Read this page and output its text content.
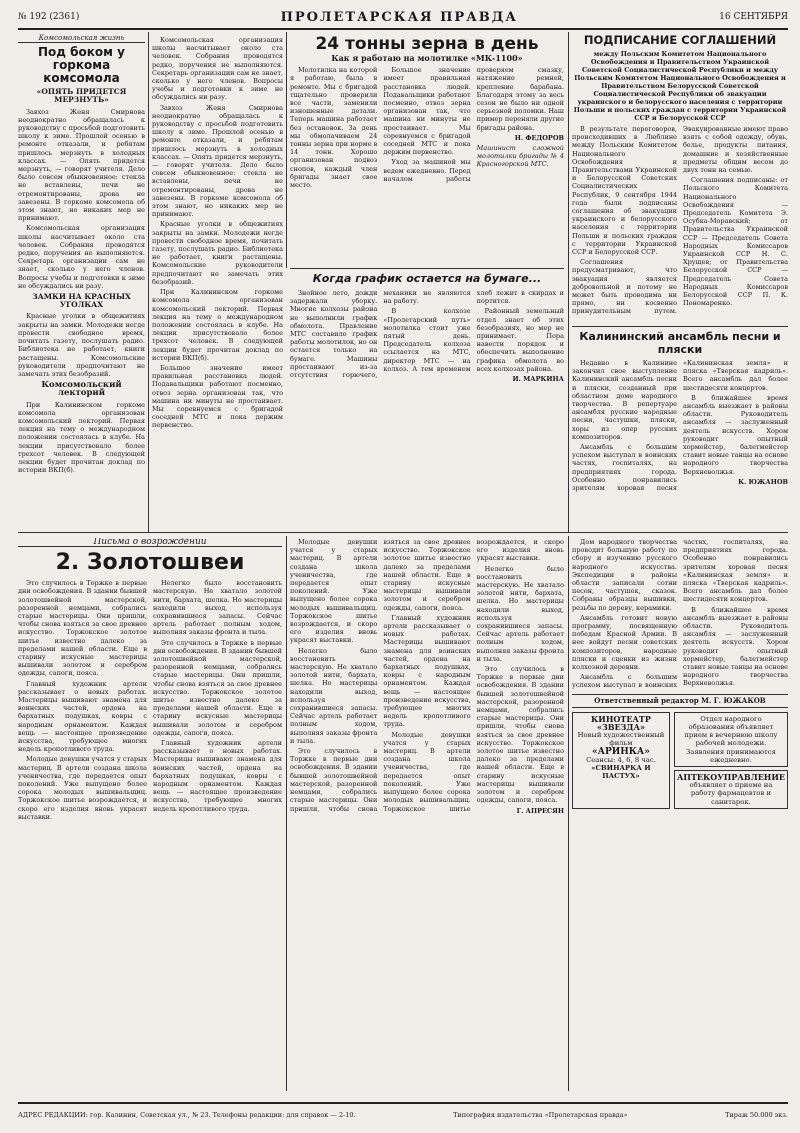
№ 192 (2361)	ПРОЛЕТАРСКАЯ ПРАВДА	16 СЕНТЯБРЯ
Комсомольская жизнь
Под боком у горкома комсомола
«ОПЯТЬ ПРИДЕТСЯ МЕРЗНУТЬ»

Завхоз Женя Смирнова неоднократно обращалась к руководству с просьбой подготовить школу к зиме. Прошлой осенью в ремонте отказали, и ребятам пришлось мерзнуть в холодных классах. — Опять придется мерзнуть, — говорят учителя. Дело было совсем обыкновенное: стекла не вставлены, печи не отремонтированы, дрова не завезены. В горкоме комсомола об этом знают, но никаких мер не принимают.

Комсомольская организация школы насчитывает около ста человек. Собрания проводятся редко, поручения не выполняются. Секретарь организации сам не знает, сколько у него членов. Вопросы учебы и подготовки к зиме не обсуждались ни разу.

ЗАМКИ НА КРАСНЫХ УГОЛКАХ

Красные уголки в общежитиях закрыты на замки. Молодежи негде провести свободное время, почитать газету, послушать радио. Библиотека не работает, книги растащены. Комсомольские руководители предпочитают не замечать этих безобразий.

Комсомольский лекторий

При Калининском горкоме комсомола организован комсомольский лекторий. Первая лекция на тему о международном положении состоялась в клубе. На лекции присутствовало более трехсот человек. В следующей лекции будет прочитан доклад по истории ВКП(б).

Комсомольская организация школы насчитывает около ста человек. Собрания проводятся редко, поручения не выполняются. Секретарь организации сам не знает, сколько у него членов. Вопросы учебы и подготовки к зиме не обсуждались ни разу.

Завхоз Женя Смирнова неоднократно обращалась к руководству с просьбой подготовить школу к зиме. Прошлой осенью в ремонте отказали, и ребятам пришлось мерзнуть в холодных классах. — Опять придется мерзнуть, — говорят учителя. Дело было совсем обыкновенное: стекла не вставлены, печи не отремонтированы, дрова не завезены. В горкоме комсомола об этом знают, но никаких мер не принимают.

Красные уголки в общежитиях закрыты на замки. Молодежи негде провести свободное время, почитать газету, послушать радио. Библиотека не работает, книги растащены. Комсомольские руководители предпочитают не замечать этих безобразий.

При Калининском горкоме комсомола организован комсомольский лекторий. Первая лекция на тему о международном положении состоялась в клубе. На лекции присутствовало более трехсот человек. В следующей лекции будет прочитан доклад по истории ВКП(б).

Большое значение имеет правильная расстановка людей. Подавальщики работают посменно, отвоз зерна организован так, что машина ни минуты не простаивает. Мы соревнуемся с бригадой соседней МТС и пока держим первенство.

24 тонны зерна в день
Как я работаю на молотилке «МК-1100»

Молотилка на которой я работаю, была в ремонте. Мы с бригадой тщательно проверили все части, заменили изношенные детали. Теперь машина работает без остановок. За день мы обмолачиваем 24 тонны зерна при норме в 14 тонн. Хорошо организован подвоз снопов, каждый член бригады знает свое место.

Большое значение имеет правильная расстановка людей. Подавальщики работают посменно, отвоз зерна организован так, что машина ни минуты не простаивает. Мы соревнуемся с бригадой соседней МТС и пока держим первенство.

Уход за машиной мы ведем ежедневно. Перед началом работы проверяем смазку, натяжение ремней, крепление барабана. Благодаря этому за весь сезон не было ни одной серьезной поломки. Наш пример переняли другие бригады района.

Н. ФЕДОРОВ

Машинист сложной молотилки бригады № 4 Красногорской МТС.

Когда график остается на бумаге...

Знойное лето, дожди задержали уборку. Многие колхозы района не выполнили график обмолота. Правление МТС составило график работы молотилок, но он остается только на бумаге. Машины простаивают из-за отсутствия горючего, механики не являются на работу.

В колхозе «Пролетарский путь» молотилка стоит уже пятый день. Председатель колхоза ссылается на МТС, директор МТС — на колхоз. А тем временем хлеб лежит в скирдах и портится.

Районный земельный отдел знает об этих безобразиях, но мер не принимает. Пора навести порядок и обеспечить выполнение графика обмолота во всех колхозах района.

И. МАРКИНА

ПОДПИСАНИЕ СОГЛАШЕНИЙ
между Польским Комитетом Национального Освобождения и Правительством Украинской Советской Социалистической Республики и между Польским Комитетом Национального Освобождения и Правительством Белорусской Советской Социалистической Республики об эвакуации украинского и белорусского населения с территории Польши и польских граждан с территории Украинской ССР и Белорусской ССР

В результате переговоров, происходивших в Люблине между Польским Комитетом Национального Освобождения и Правительствами Украинской и Белорусской Советских Социалистических Республик, 9 сентября 1944 года были подписаны соглашения об эвакуации украинского и белорусского населения с территории Польши и польских граждан с территории Украинской ССР и Белорусской ССР.

Соглашения предусматривают, что эвакуация является добровольной и потому не может быть проводима ни прямо, ни косвенно принудительным путем. Эвакуированные имеют право взять с собой одежду, обувь, белье, продукты питания, домашние и хозяйственные предметы общим весом до двух тонн на семью.

Соглашения подписаны: от Польского Комитета Национального Освобождения — Председатель Комитета Э. Осубка-Моравский; от Правительства Украинской ССР — Председатель Совета Народных Комиссаров Украинской ССР Н. С. Хрущев; от Правительства Белорусской ССР — Председатель Совета Народных Комиссаров Белорусской ССР П. К. Пономаренко.

Калининский ансамбль песни и пляски

Недавно в Калинине закончил свое выступление Калининский ансамбль песни и пляски, созданный при областном доме народного творчества. В репертуаре ансамбля русские народные песни, частушки, пляски, хоры из опер русских композиторов.

Ансамбль с большим успехом выступал в воинских частях, госпиталях, на предприятиях города. Особенно понравились зрителям хоровая песня «Калининская земля» и пляска «Тверская кадриль». Всего ансамбль дал более шестидесяти концертов.

В ближайшее время ансамбль выезжает в районы области. Руководитель ансамбля — заслуженный деятель искусств. Хором руководит опытный хормейстер, балетмейстер ставит новые танцы на основе народного творчества Верхневолжья.

К. ЮЖАНОВ

Письма о возрождении
2. Золотошвеи

Это случилось в Торжке в первые дни освобождения. В здании бывшей золотошвейной мастерской, разоренной немцами, собрались старые мастерицы. Они пришли, чтобы снова взяться за свое древнее искусство. Торжокское золотое шитье известно далеко за пределами нашей области. Еще в старину искусные мастерицы вышивали золотом и серебром одежды, сапоги, пояса.

Главный художник артели рассказывает о новых работах. Мастерицы вышивают знамена для воинских частей, ордена на бархатных подушках, ковры с народным орнаментом. Каждая вещь — настоящее произведение искусства, требующее многих недель кропотливого труда.

Молодые девушки учатся у старых мастериц. В артели создана школа ученичества, где передается опыт поколений. Уже выпущено более сорока молодых вышивальщиц. Торжокское шитье возрождается, и скоро его изделия вновь украсят выставки.

Нелегко было восстановить мастерскую. Не хватало золотой нити, бархата, шелка. Но мастерицы находили выход, используя сохранившиеся запасы. Сейчас артель работает полным ходом, выполняя заказы фронта и тыла.

Это случилось в Торжке в первые дни освобождения. В здании бывшей золотошвейной мастерской, разоренной немцами, собрались старые мастерицы. Они пришли, чтобы снова взяться за свое древнее искусство. Торжокское золотое шитье известно далеко за пределами нашей области. Еще в старину искусные мастерицы вышивали золотом и серебром одежды, сапоги, пояса.

Главный художник артели рассказывает о новых работах. Мастерицы вышивают знамена для воинских частей, ордена на бархатных подушках, ковры с народным орнаментом. Каждая вещь — настоящее произведение искусства, требующее многих недель кропотливого труда.

Молодые девушки учатся у старых мастериц. В артели создана школа ученичества, где передается опыт поколений. Уже выпущено более сорока молодых вышивальщиц. Торжокское шитье возрождается, и скоро его изделия вновь украсят выставки.

Нелегко было восстановить мастерскую. Не хватало золотой нити, бархата, шелка. Но мастерицы находили выход, используя сохранившиеся запасы. Сейчас артель работает полным ходом, выполняя заказы фронта и тыла.

Это случилось в Торжке в первые дни освобождения. В здании бывшей золотошвейной мастерской, разоренной немцами, собрались старые мастерицы. Они пришли, чтобы снова взяться за свое древнее искусство. Торжокское золотое шитье известно далеко за пределами нашей области. Еще в старину искусные мастерицы вышивали золотом и серебром одежды, сапоги, пояса.

Главный художник артели рассказывает о новых работах. Мастерицы вышивают знамена для воинских частей, ордена на бархатных подушках, ковры с народным орнаментом. Каждая вещь — настоящее произведение искусства, требующее многих недель кропотливого труда.

Молодые девушки учатся у старых мастериц. В артели создана школа ученичества, где передается опыт поколений. Уже выпущено более сорока молодых вышивальщиц. Торжокское шитье возрождается, и скоро его изделия вновь украсят выставки.

Нелегко было восстановить мастерскую. Не хватало золотой нити, бархата, шелка. Но мастерицы находили выход, используя сохранившиеся запасы. Сейчас артель работает полным ходом, выполняя заказы фронта и тыла.

Это случилось в Торжке в первые дни освобождения. В здании бывшей золотошвейной мастерской, разоренной немцами, собрались старые мастерицы. Они пришли, чтобы снова взяться за свое древнее искусство. Торжокское золотое шитье известно далеко за пределами нашей области. Еще в старину искусные мастерицы вышивали золотом и серебром одежды, сапоги, пояса.

Г. АПРЕСЯН

Дом народного творчества проводит большую работу по сбору и изучению русского народного искусства. Экспедиции в районы области записали сотни песен, частушек, сказок. Собраны образцы вышивки, резьбы по дереву, керамики.

Ансамбль готовит новую программу, посвященную победам Красной Армии. В нее войдут песни советских композиторов, народные пляски и сценки из жизни колхозной деревни.

Ансамбль с большим успехом выступал в воинских частях, госпиталях, на предприятиях города. Особенно понравились зрителям хоровая песня «Калининская земля» и пляска «Тверская кадриль». Всего ансамбль дал более шестидесяти концертов.

В ближайшее время ансамбль выезжает в районы области. Руководитель ансамбля — заслуженный деятель искусств. Хором руководит опытный хормейстер, балетмейстер ставит новые танцы на основе народного творчества Верхневолжья.

Ответственный редактор М. Г. ЮЖАКОВ
КИНОТЕАТР «ЗВЕЗДА»
Новый художественный фильм
«АРИНКА»
Сеансы: 4, 6, 8 час.
«СВИНАРКА И ПАСТУХ»
Отдел народного образования объявляет прием в вечернюю школу рабочей молодежи. Заявления принимаются ежедневно.
АПТЕКОУПРАВЛЕНИЕ
объявляет о приеме на работу фармацевтов и санитарок.
АДРЕС РЕДАКЦИИ: гор. Калинин, Советская ул., № 23. Телефоны редакции: для справок — 2-10.	Типография издательства «Пролетарская правда»	Тираж 50.000 экз.
